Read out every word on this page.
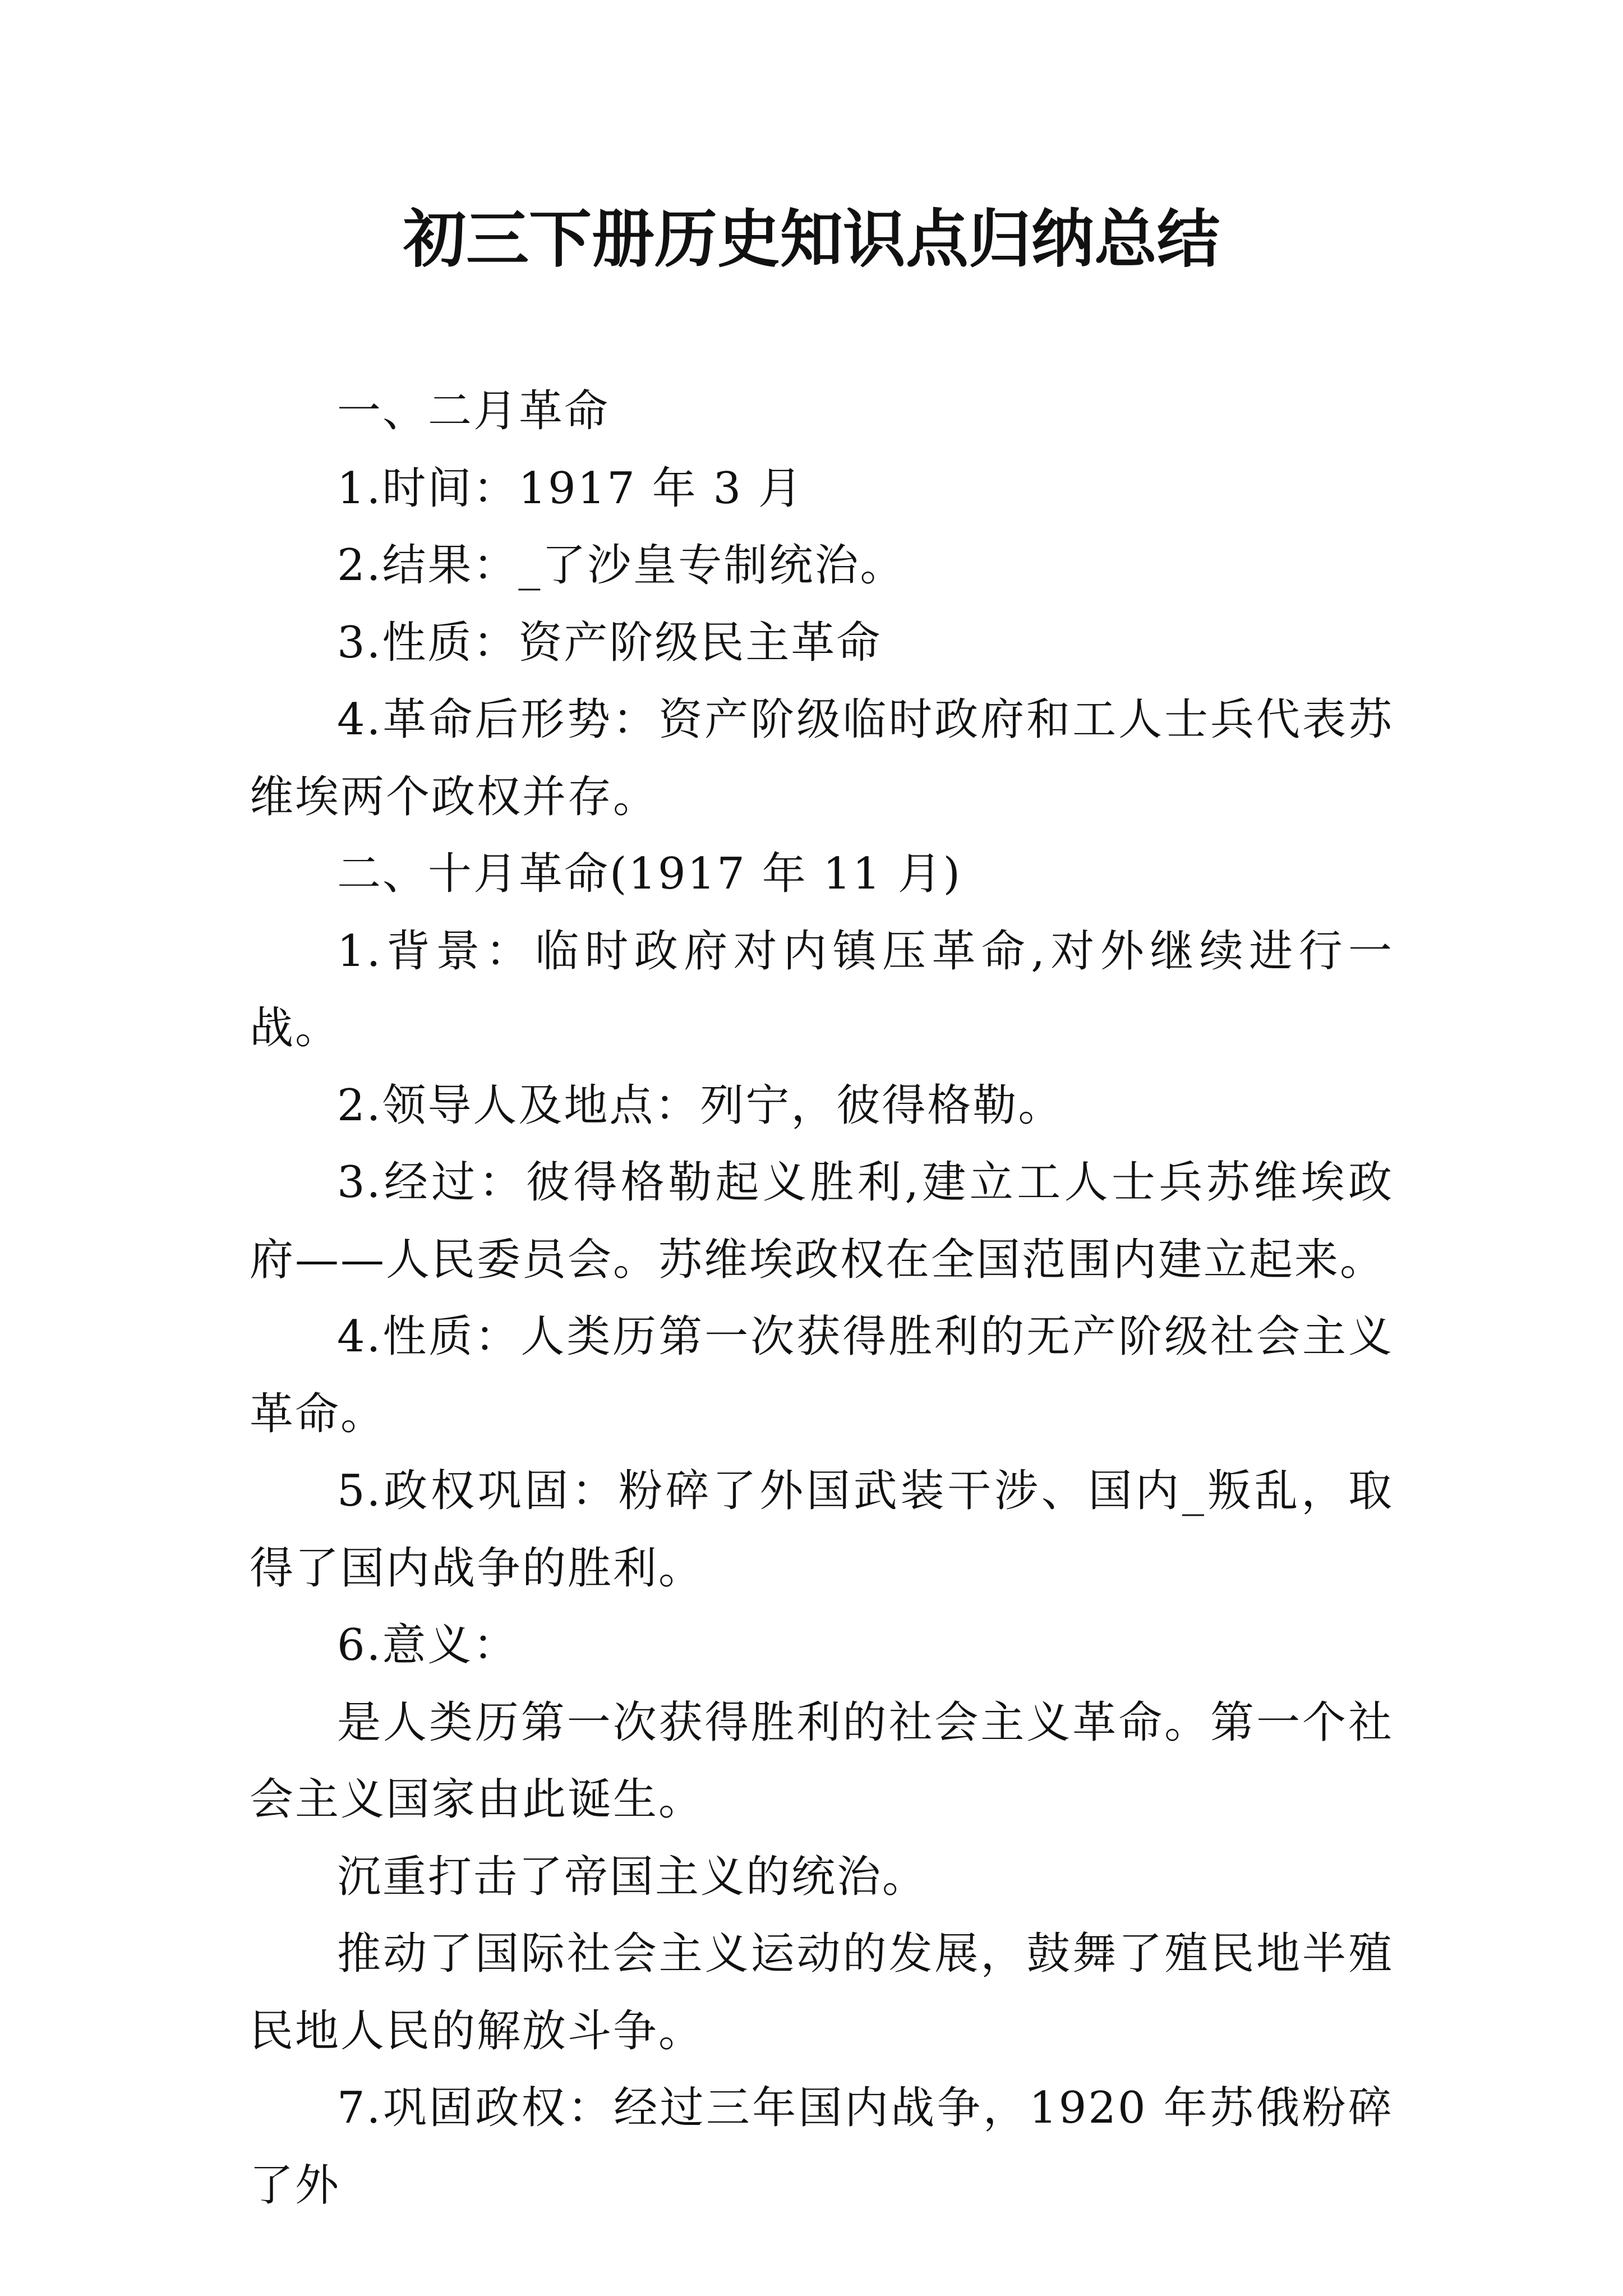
初三下册历史知识点归纳总结

一、二月革命

1.时间：1917 年 3 月

2.结果：_了沙皇专制统治。

3.性质：资产阶级民主革命

4.革命后形势：资产阶级临时政府和工人士兵代表苏维埃两个政权并存。

二、十月革命(1917 年 11 月)

1.背景：临时政府对内镇压革命,对外继续进行一战。

2.领导人及地点：列宁，彼得格勒。

3.经过：彼得格勒起义胜利,建立工人士兵苏维埃政府——人民委员会。苏维埃政权在全国范围内建立起来。

4.性质：人类历第一次获得胜利的无产阶级社会主义革命。

5.政权巩固：粉碎了外国武装干涉、国内_叛乱，取得了国内战争的胜利。

6.意义：

是人类历第一次获得胜利的社会主义革命。第一个社会主义国家由此诞生。

沉重打击了帝国主义的统治。

推动了国际社会主义运动的发展，鼓舞了殖民地半殖民地人民的解放斗争。

7.巩固政权：经过三年国内战争，1920 年苏俄粉碎了外
